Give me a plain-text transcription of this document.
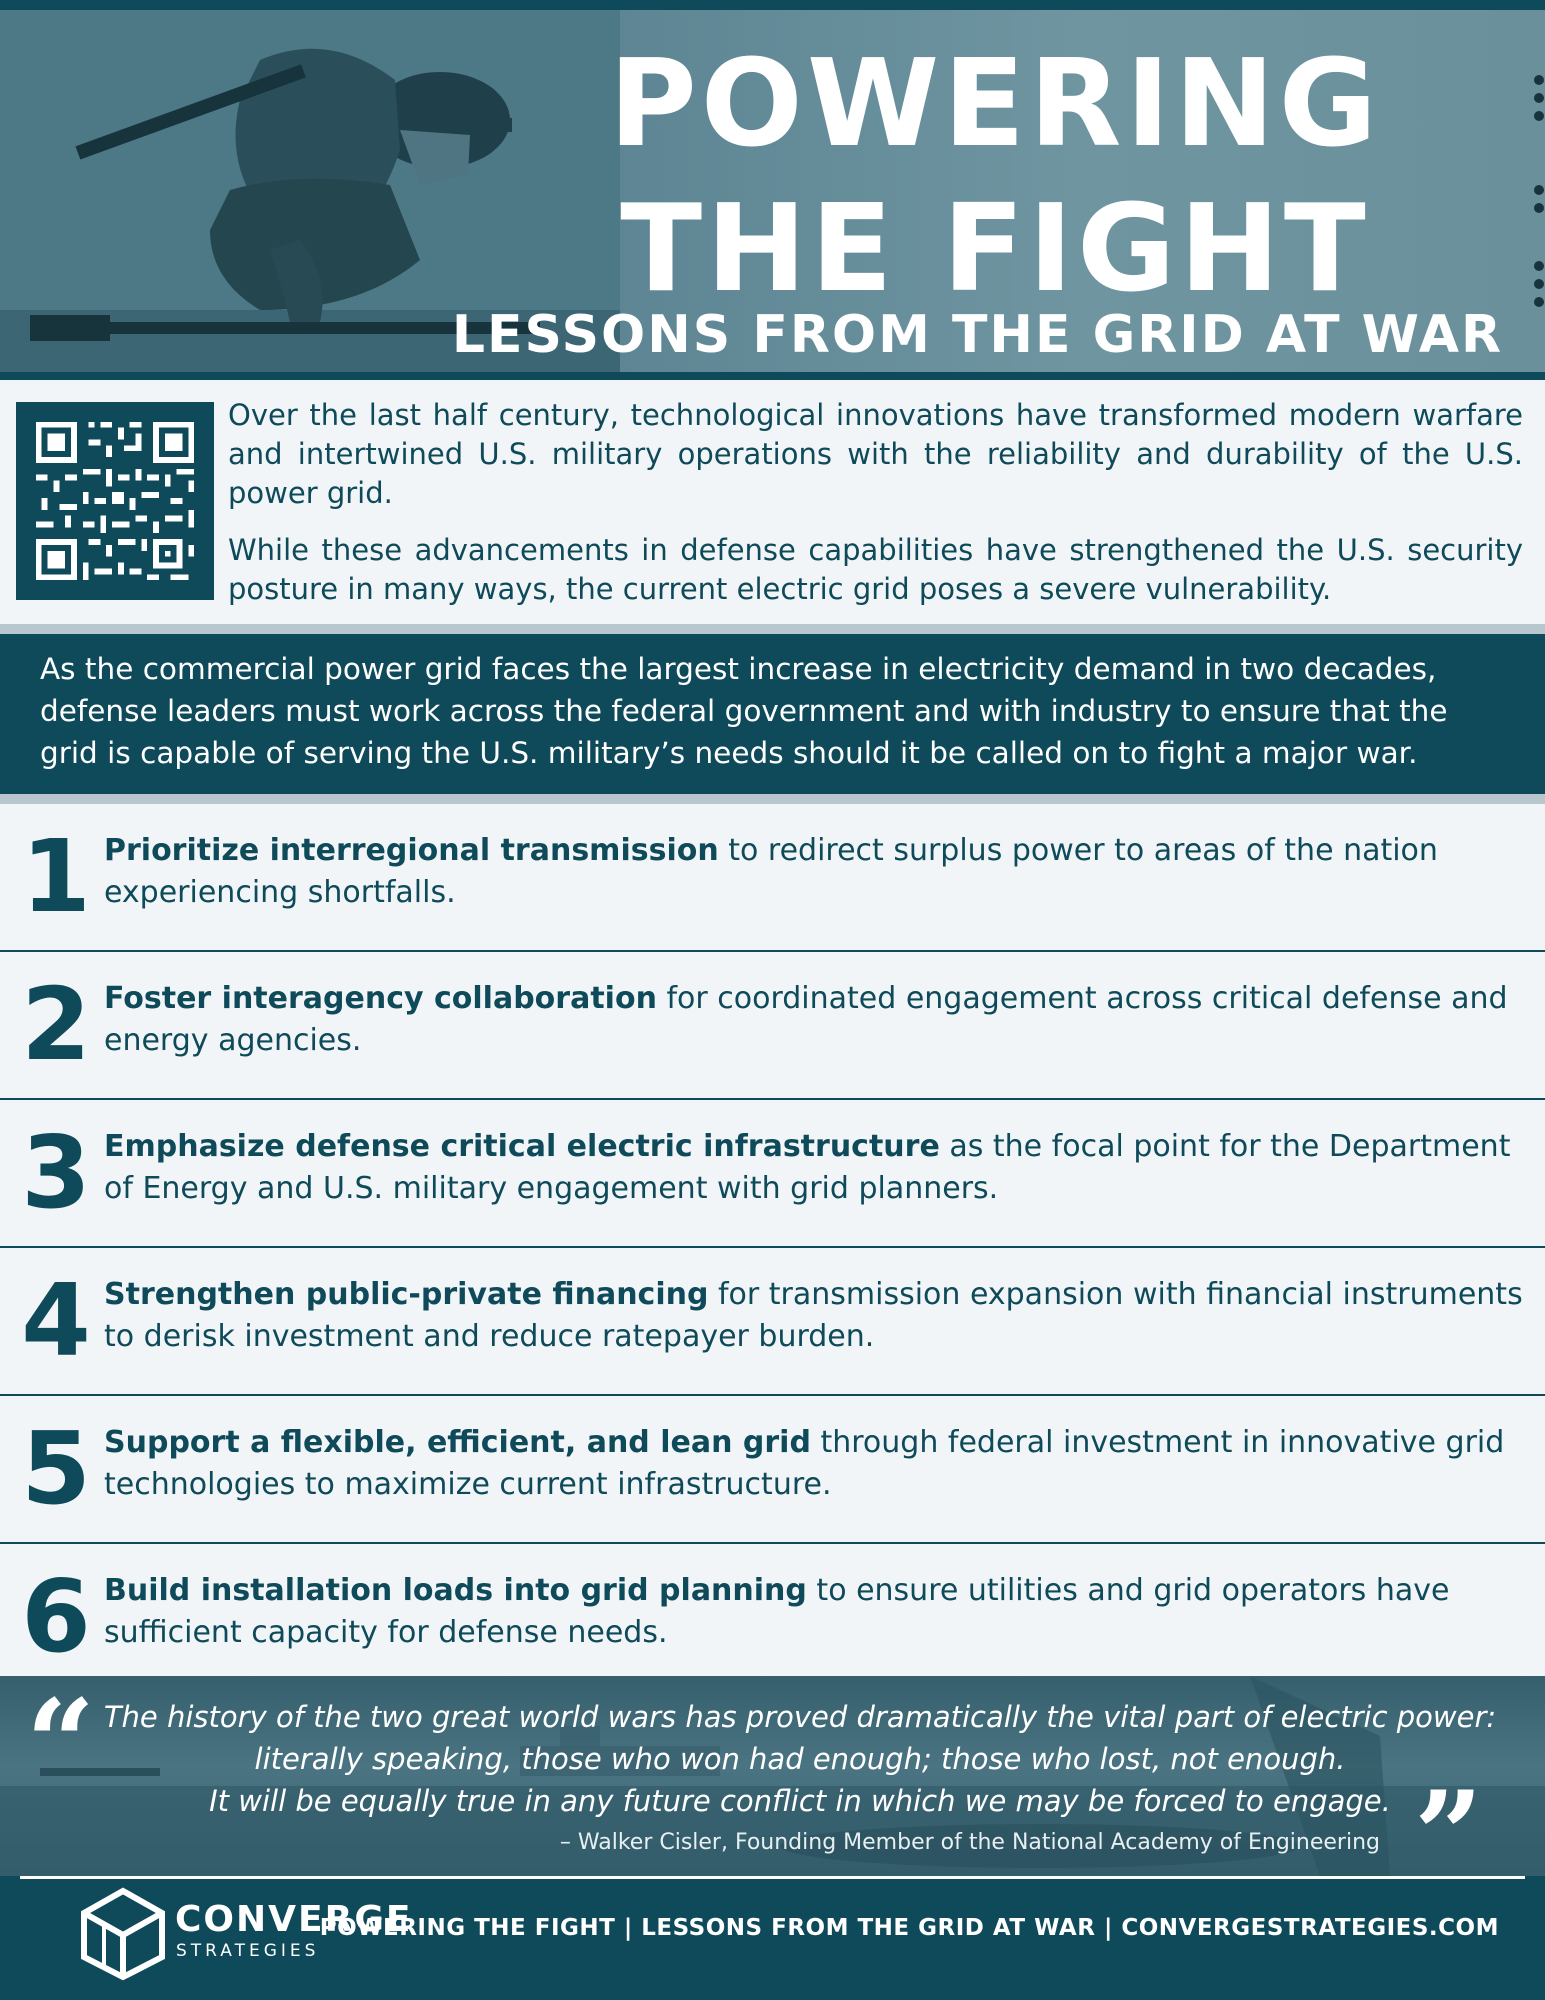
POWERING
THE FIGHT
LESSONS FROM THE GRID AT WAR

Over the last half century, technological innovations have transformed modern warfare and intertwined U.S. military operations with the reliability and durability of the U.S. power grid.

While these advancements in defense capabilities have strengthened the U.S. security posture in many ways, the current electric grid poses a severe vulnerability.

As the commercial power grid faces the largest increase in electricity demand in two decades, defense leaders must work across the federal government and with industry to ensure that the grid is capable of serving the U.S. military’s needs should it be called on to fight a major war.

1 Prioritize interregional transmission to redirect surplus power to areas of the nation experiencing shortfalls.
2 Foster interagency collaboration for coordinated engagement across critical defense and energy agencies.
3 Emphasize defense critical electric infrastructure as the focal point for the Department of Energy and U.S. military engagement with grid planners.
4 Strengthen public-private financing for transmission expansion with financial instruments to derisk investment and reduce ratepayer burden.
5 Support a flexible, efficient, and lean grid through federal investment in innovative grid technologies to maximize current infrastructure.
6 Build installation loads into grid planning to ensure utilities and grid operators have sufficient capacity for defense needs.
“ The history of the two great world wars has proved dramatically the vital part of electric power:
literally speaking, those who won had enough; those who lost, not enough.
It will be equally true in any future conflict in which we may be forced to engage. ”
– Walker Cisler, Founding Member of the National Academy of Engineering
CONVERGE
STRATEGIES
POWERING THE FIGHT | LESSONS FROM THE GRID AT WAR | CONVERGESTRATEGIES.COM
